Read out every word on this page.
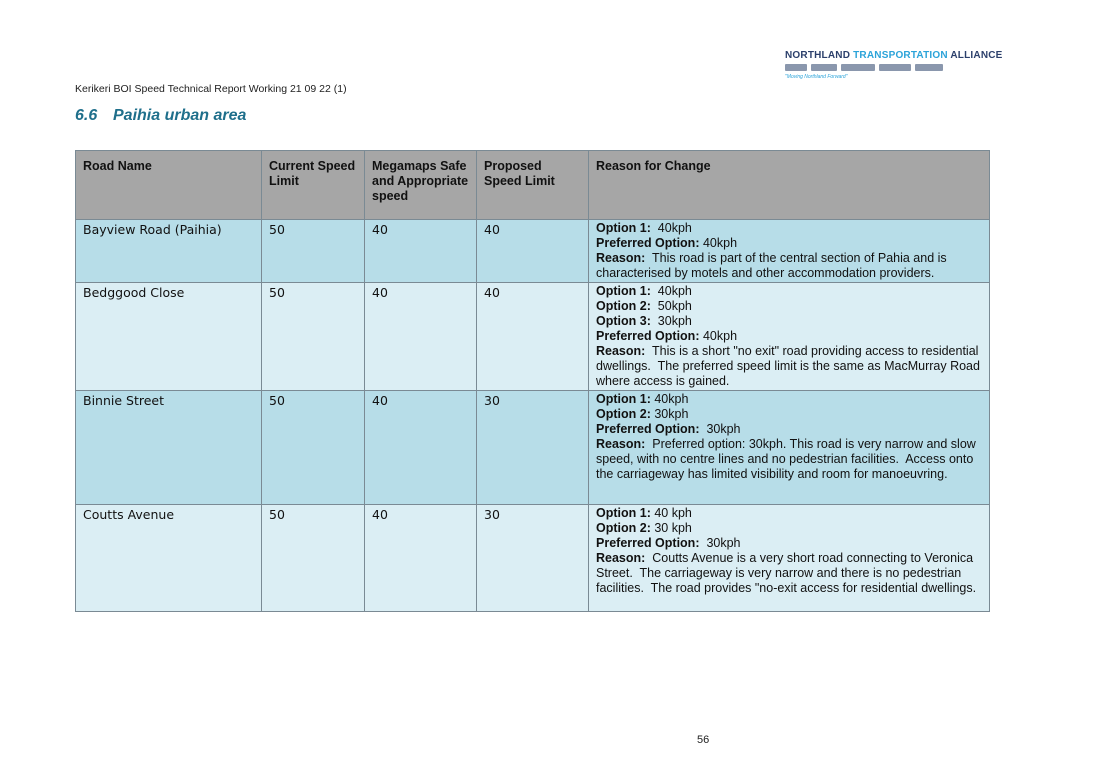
NORTHLAND TRANSPORTATION ALLIANCE
"Moving Northland Forward"
Kerikeri BOI Speed Technical Report Working 21 09 22 (1)
6.6 Paihia urban area
Road Name	Current Speed Limit	Megamaps Safe and Appropriate speed	Proposed Speed Limit	Reason for Change
Bayview Road (Paihia)	50	40	40	Option 1:  40kph

Preferred Option: 40kph

Reason:  This road is part of the central section of Pahia and is characterised by motels and other accommodation providers.

Bedggood Close	50	40	40	Option 1:  40kph

Option 2:  50kph

Option 3:  30kph

Preferred Option: 40kph

Reason:  This is a short "no exit" road providing access to residential dwellings.  The preferred speed limit is the same as MacMurray Road where access is gained.

Binnie Street	50	40	30	Option 1: 40kph

Option 2: 30kph

Preferred Option:  30kph

Reason:  Preferred option: 30kph. This road is very narrow and slow speed, with no centre lines and no pedestrian facilities.  Access onto the carriageway has limited visibility and room for manoeuvring.

Coutts Avenue	50	40	30	Option 1: 40 kph

Option 2: 30 kph

Preferred Option:  30kph

Reason:  Coutts Avenue is a very short road connecting to Veronica Street.  The carriageway is very narrow and there is no pedestrian facilities.  The road provides "no-exit access for residential dwellings.

56
